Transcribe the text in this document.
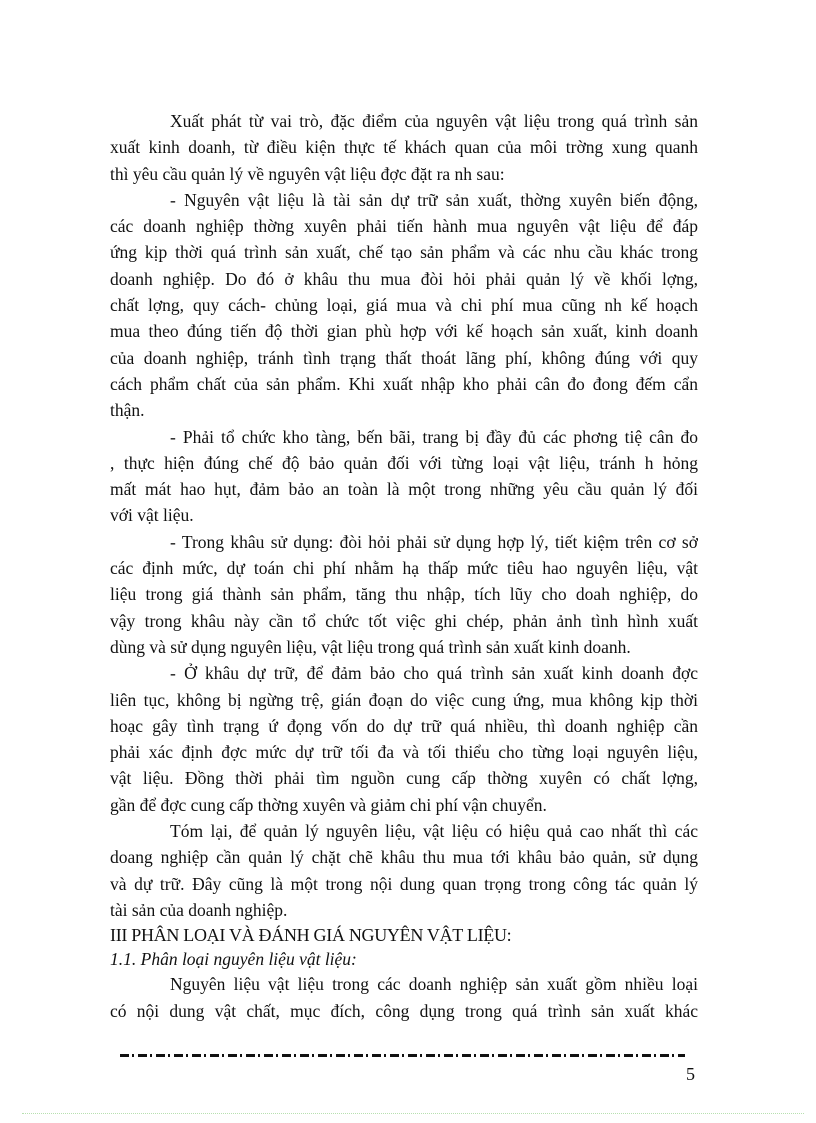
Xuất phát từ vai trò, đặc điểm của nguyên vật liệu trong quá trình sản
xuất kinh doanh, từ điều kiện thực tế khách quan của môi trờng xung quanh
thì yêu cầu quản lý về nguyên vật liệu đợc đặt ra nh sau:
- Nguyên vật liệu là tài sản dự trữ sản xuất, thờng xuyên biến động,
các doanh nghiệp thờng xuyên phải tiến hành mua nguyên vật liệu để đáp
ứng kịp thời quá trình sản xuất, chế tạo sản phẩm và các nhu cầu khác trong
doanh nghiệp. Do đó ở khâu thu mua đòi hỏi phải quản lý về khối lợng,
chất lợng, quy cách- chủng loại, giá mua và chi phí mua cũng nh kế hoạch
mua theo đúng tiến độ thời gian phù hợp với kế hoạch sản xuất, kinh doanh
của doanh nghiệp, tránh tình trạng thất thoát lãng phí, không đúng với quy
cách phẩm chất của sản phẩm. Khi xuất nhập kho phải cân đo đong đếm cẩn
thận.
- Phải tổ chức kho tàng, bến bãi, trang bị đầy đủ các phơng tiệ cân đo
, thực hiện đúng chế độ bảo quản đối với từng loại vật liệu, tránh h hỏng
mất mát hao hụt, đảm bảo an toàn là một trong những yêu cầu quản lý đối
với vật liệu.
- Trong khâu sử dụng: đòi hỏi phải sử dụng hợp lý, tiết kiệm trên cơ sở
các định mức, dự toán chi phí nhằm hạ thấp mức tiêu hao nguyên liệu, vật
liệu trong giá thành sản phẩm, tăng thu nhập, tích lũy cho doah nghiệp, do
vậy trong khâu này cần tổ chức tốt việc ghi chép, phản ảnh tình hình xuất
dùng và sử dụng nguyên liệu, vật liệu trong quá trình sản xuất kinh doanh.
- Ở khâu dự trữ, để đảm bảo cho quá trình sản xuất kinh doanh đợc
liên tục, không bị ngừng trệ, gián đoạn do việc cung ứng, mua không kịp thời
hoạc gây tình trạng ứ đọng vốn do dự trữ quá nhiều, thì doanh nghiệp cần
phải xác định đợc mức dự trữ tối đa và tối thiểu cho từng loại nguyên liệu,
vật liệu. Đồng thời phải tìm nguồn cung cấp thờng xuyên có chất lợng,
gần để đợc cung cấp thờng xuyên và giảm chi phí vận chuyển.
Tóm lại, để quản lý nguyên liệu, vật liệu có hiệu quả cao nhất thì các
doang nghiệp cần quản lý chặt chẽ khâu thu mua tới khâu bảo quản, sử dụng
và dự trữ. Đây cũng là một trong nội dung quan trọng trong công tác quản lý
tài sản của doanh nghiệp.
III PHÂN LOẠI VÀ ĐÁNH GIÁ NGUYÊN VẬT LIỆU:
1.1. Phân loại nguyên liệu vật liệu:
Nguyên liệu vật liệu trong các doanh nghiệp sản xuất gồm nhiều loại
có nội dung vật chất, mục đích, công dụng trong quá trình sản xuất khác
5
